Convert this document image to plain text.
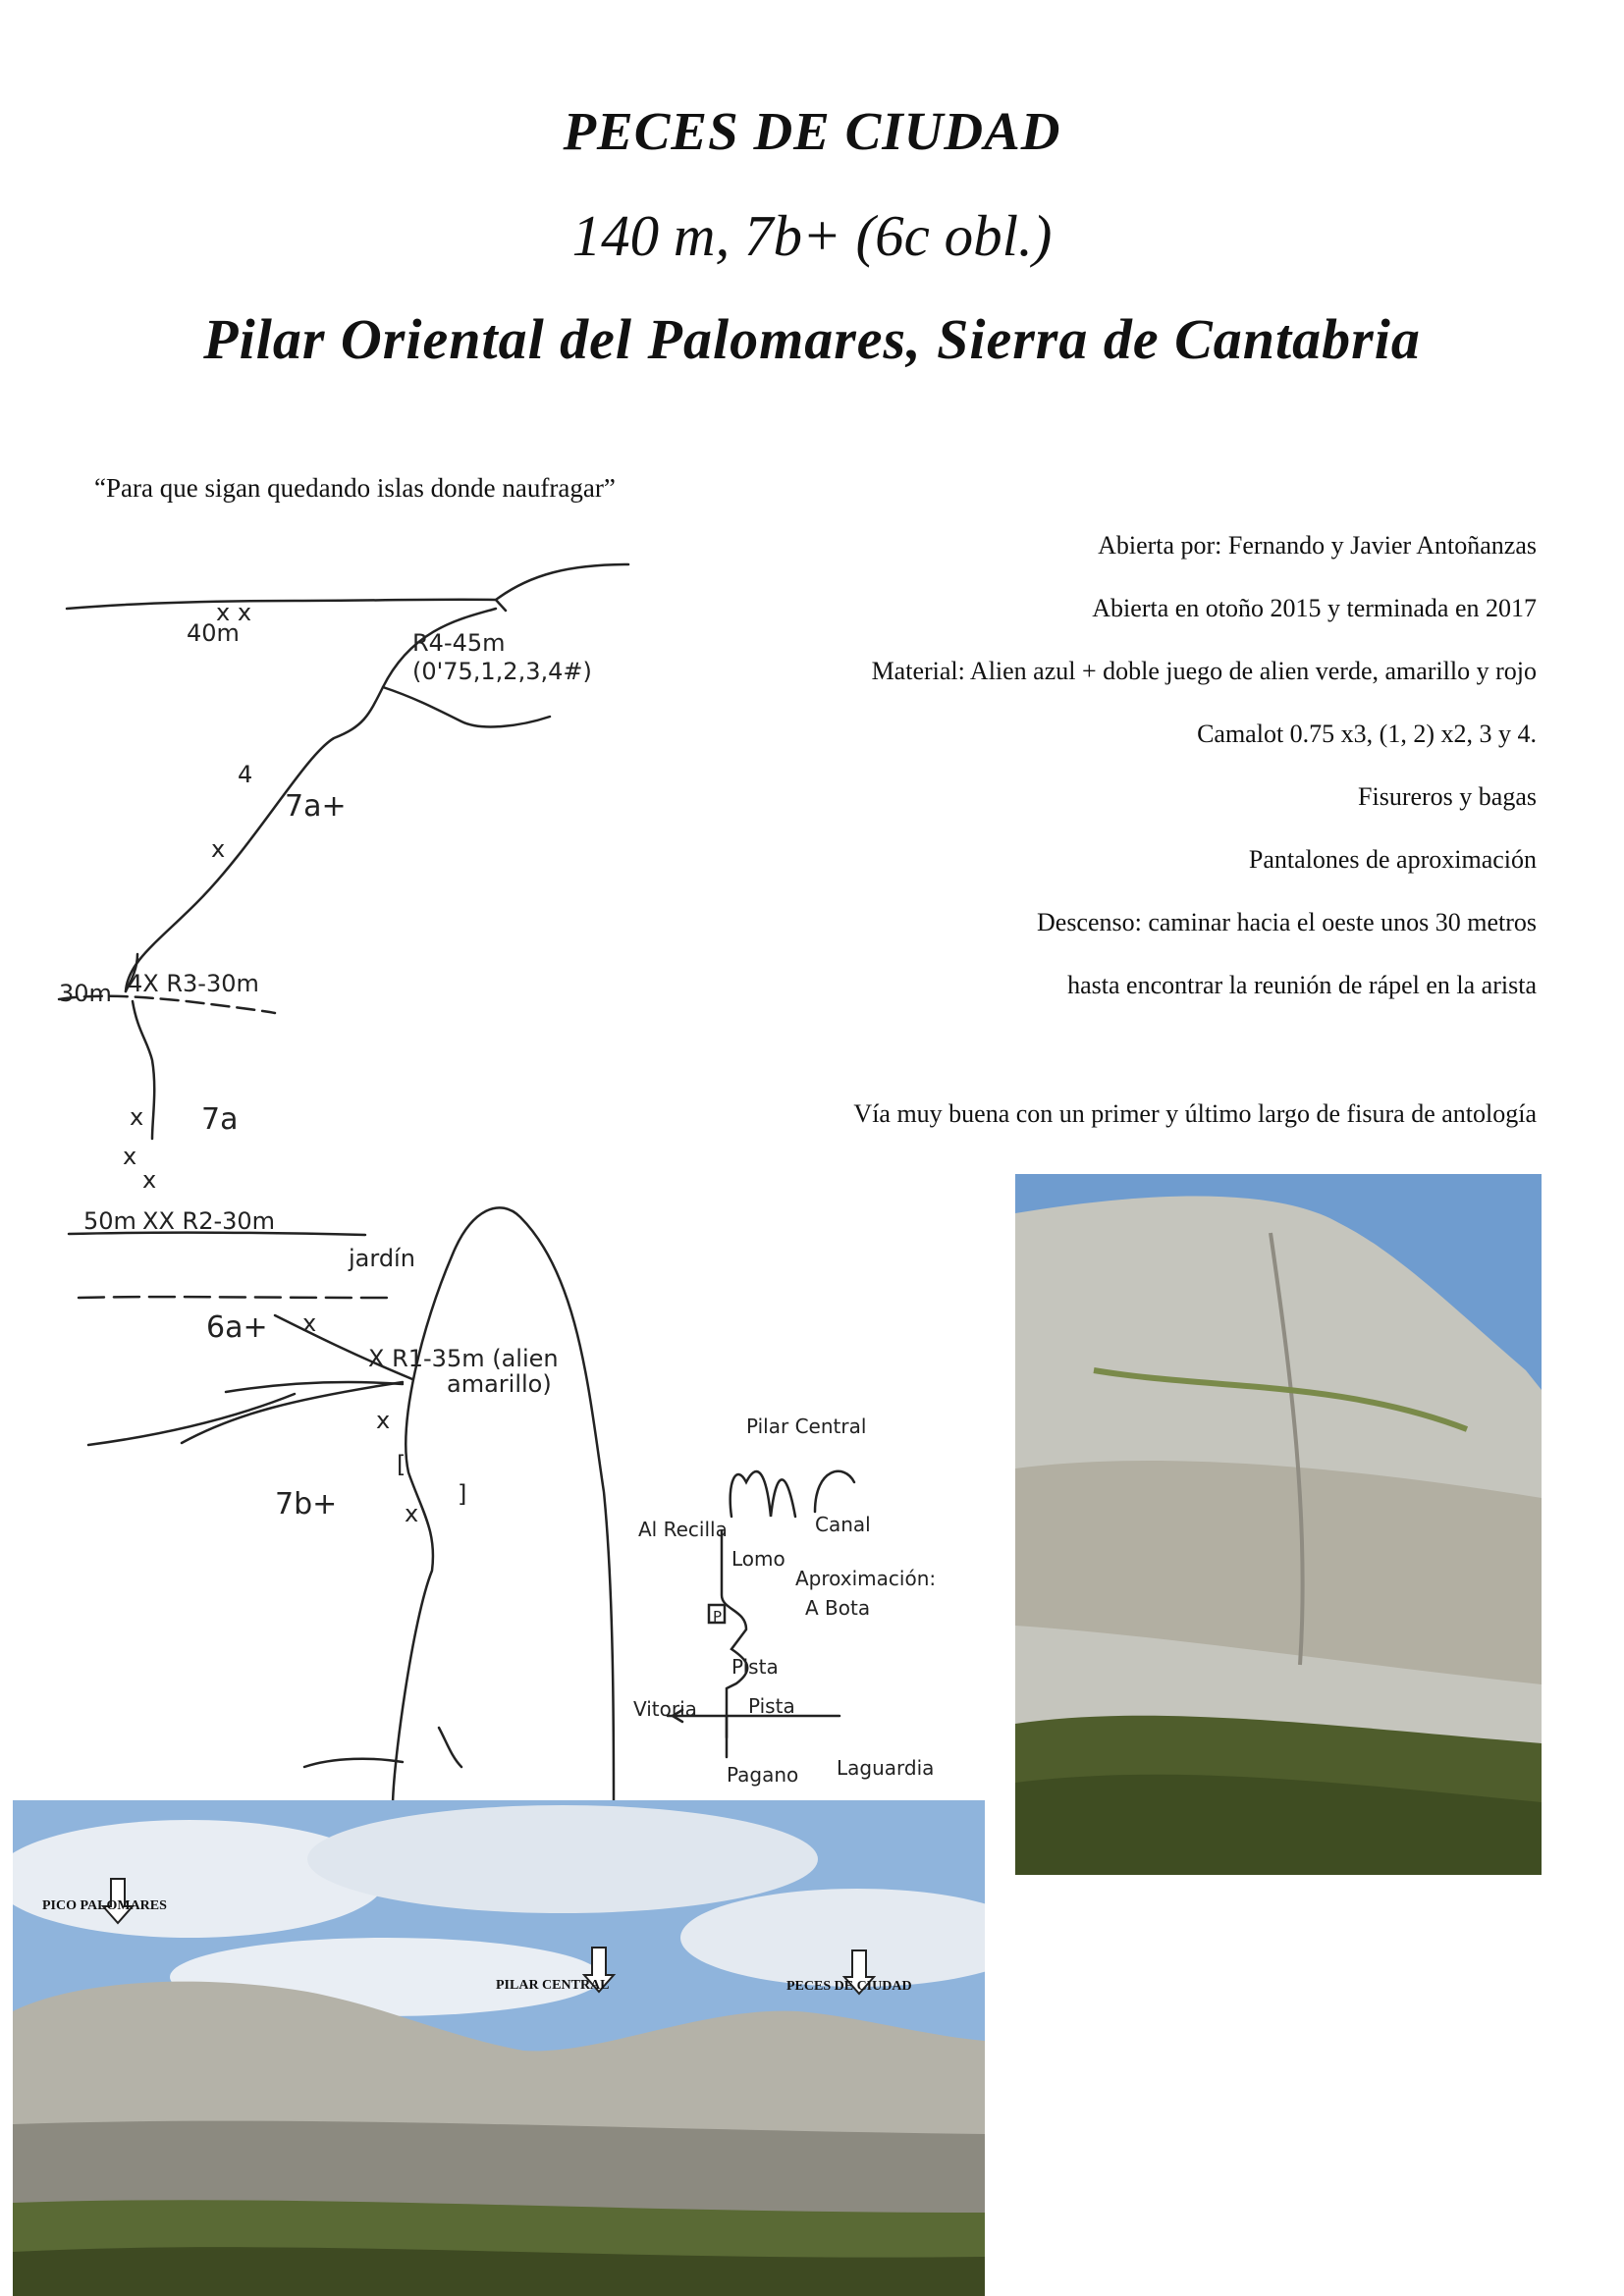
PECES DE CIUDAD
140 m, 7b+ (6c obl.)
Pilar Oriental del Palomares, Sierra de Cantabria
“Para que sigan quedando islas donde naufragar”
Abierta por: Fernando y Javier Antoñanzas
Abierta en otoño 2015 y terminada en 2017
Material: Alien azul + doble juego de alien verde, amarillo y rojo
Camalot 0.75 x3, (1, 2) x2, 3 y 4.
Fisureros y bagas
Pantalones de aproximación
Descenso: caminar hacia el oeste unos 30 metros
hasta encontrar la reunión de rápel en la arista
Vía muy buena con un primer y último largo de fisura de antología
R4-45m
(0'75,1,2,3,4#)
40m
7a+
30m 4X R3-30m
7a
50m XX R2-30m
jardín
6a+
X R1-35m (alien
amarillo)
7b+
x x
x
4
x
x
x
x
x
x
[
]
Pilar Central
Canal
Al Recilla
Lomo
Aproximación:
A Bota
Pista
Pista
Vitoria
Pagano Laguardia
P
PICO PALOMARES
PILAR CENTRAL	PECES DE CIUDAD
